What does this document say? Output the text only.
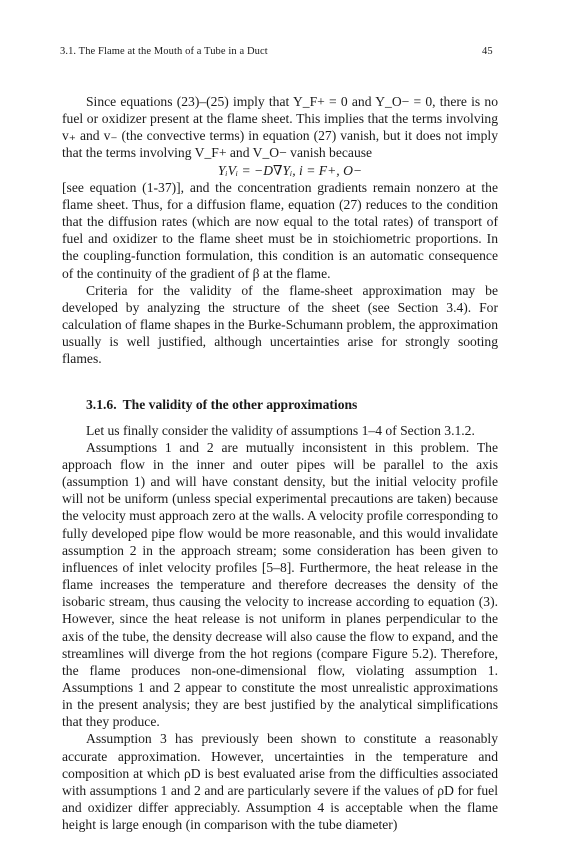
3.1. The Flame at the Mouth of a Tube in a Duct	45

Since equations (23)–(25) imply that Y_F+ = 0 and Y_O− = 0, there is no fuel or oxidizer present at the flame sheet. This implies that the terms involving v₊ and v₋ (the convective terms) in equation (27) vanish, but it does not imply that the terms involving V_F+ and V_O− vanish because

YᵢVᵢ = −D∇Yᵢ, i = F+, O−

[see equation (1-37)], and the concentration gradients remain nonzero at the flame sheet. Thus, for a diffusion flame, equation (27) reduces to the condition that the diffusion rates (which are now equal to the total rates) of transport of fuel and oxidizer to the flame sheet must be in stoichiometric proportions. In the coupling-function formulation, this condition is an automatic consequence of the continuity of the gradient of β at the flame.

Criteria for the validity of the flame-sheet approximation may be developed by analyzing the structure of the sheet (see Section 3.4). For calculation of flame shapes in the Burke-Schumann problem, the approximation usually is well justified, although uncertainties arise for strongly sooting flames.

3.1.6. The validity of the other approximations

Let us finally consider the validity of assumptions 1–4 of Section 3.1.2.

Assumptions 1 and 2 are mutually inconsistent in this problem. The approach flow in the inner and outer pipes will be parallel to the axis (assumption 1) and will have constant density, but the initial velocity profile will not be uniform (unless special experimental precautions are taken) because the velocity must approach zero at the walls. A velocity profile corresponding to fully developed pipe flow would be more reasonable, and this would invalidate assumption 2 in the approach stream; some consideration has been given to influences of inlet velocity profiles [5–8]. Furthermore, the heat release in the flame increases the temperature and therefore decreases the density of the isobaric stream, thus causing the velocity to increase according to equation (3). However, since the heat release is not uniform in planes perpendicular to the axis of the tube, the density decrease will also cause the flow to expand, and the streamlines will diverge from the hot regions (compare Figure 5.2). Therefore, the flame produces non-one-dimensional flow, violating assumption 1. Assumptions 1 and 2 appear to constitute the most unrealistic approximations in the present analysis; they are best justified by the analytical simplifications that they produce.

Assumption 3 has previously been shown to constitute a reasonably accurate approximation. However, uncertainties in the temperature and composition at which ρD is best evaluated arise from the difficulties associated with assumptions 1 and 2 and are particularly severe if the values of ρD for fuel and oxidizer differ appreciably. Assumption 4 is acceptable when the flame height is large enough (in comparison with the tube diameter)
